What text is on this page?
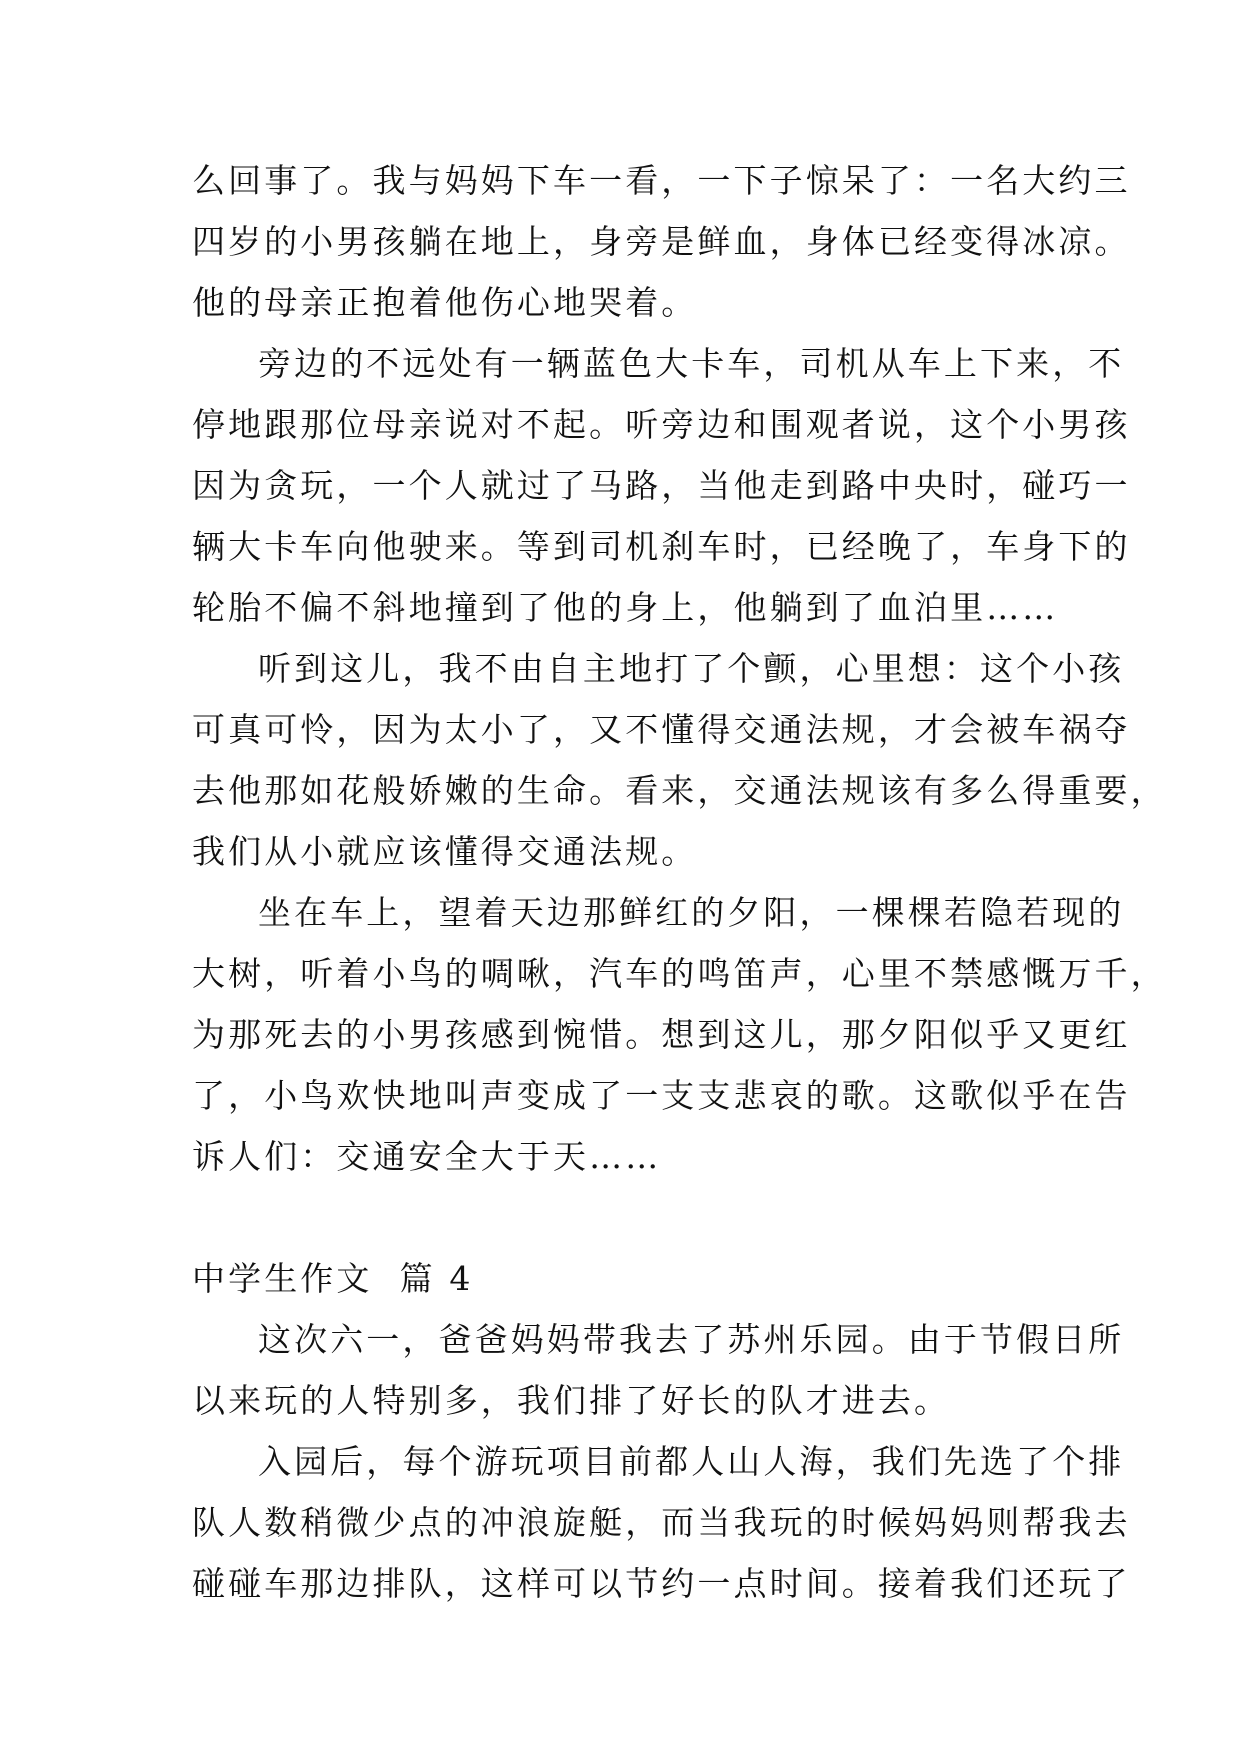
么回事了。我与妈妈下车一看，一下子惊呆了：一名大约三
四岁的小男孩躺在地上，身旁是鲜血，身体已经变得冰凉。
他的母亲正抱着他伤心地哭着。
旁边的不远处有一辆蓝色大卡车，司机从车上下来，不
停地跟那位母亲说对不起。听旁边和围观者说，这个小男孩
因为贪玩，一个人就过了马路，当他走到路中央时，碰巧一
辆大卡车向他驶来。等到司机刹车时，已经晚了，车身下的
轮胎不偏不斜地撞到了他的身上，他躺到了血泊里……
听到这儿，我不由自主地打了个颤，心里想：这个小孩
可真可怜，因为太小了，又不懂得交通法规，才会被车祸夺
去他那如花般娇嫩的生命。看来，交通法规该有多么得重要，
我们从小就应该懂得交通法规。
坐在车上，望着天边那鲜红的夕阳，一棵棵若隐若现的
大树，听着小鸟的啁啾，汽车的鸣笛声，心里不禁感慨万千，
为那死去的小男孩感到惋惜。想到这儿，那夕阳似乎又更红
了，小鸟欢快地叫声变成了一支支悲哀的歌。这歌似乎在告
诉人们：交通安全大于天……
中学生作文  篇 4
这次六一，爸爸妈妈带我去了苏州乐园。由于节假日所
以来玩的人特别多，我们排了好长的队才进去。
入园后，每个游玩项目前都人山人海，我们先选了个排
队人数稍微少点的冲浪旋艇，而当我玩的时候妈妈则帮我去
碰碰车那边排队，这样可以节约一点时间。接着我们还玩了
